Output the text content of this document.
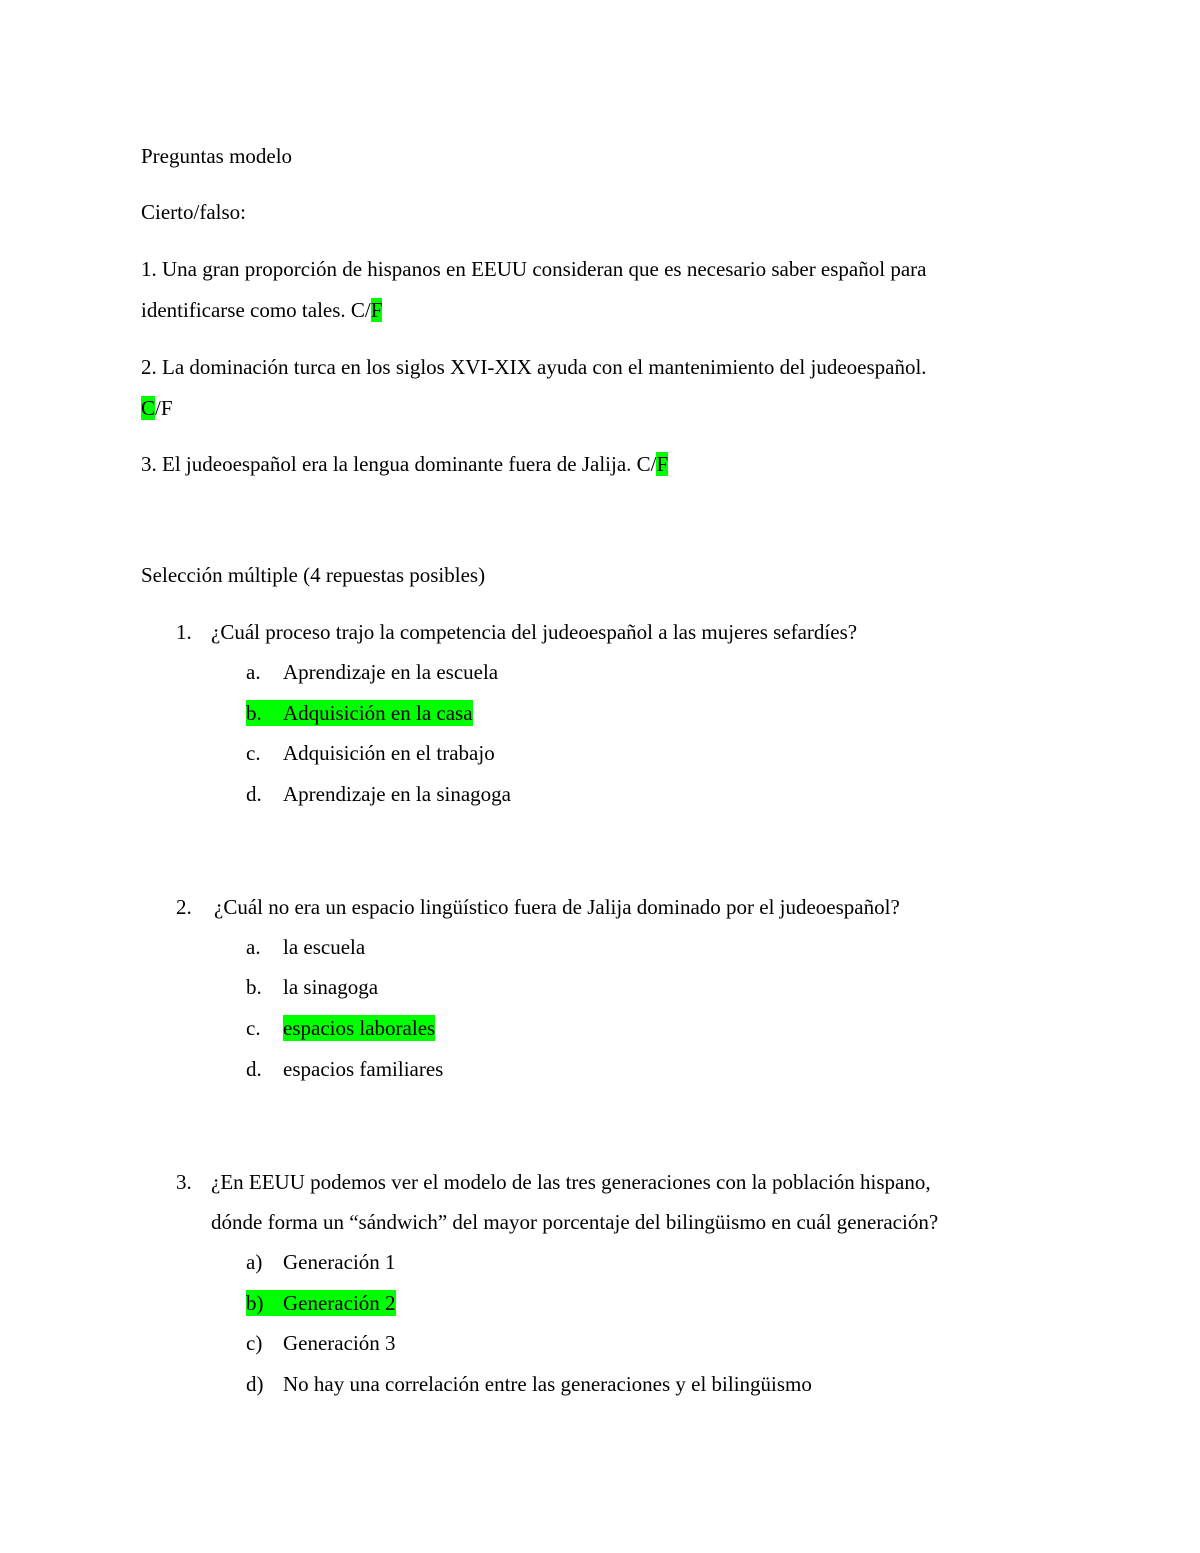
Preguntas modelo
Cierto/falso:
1. Una gran proporción de hispanos en EEUU consideran que es necesario saber español para
identificarse como tales. C/F
2. La dominación turca en los siglos XVI-XIX ayuda con el mantenimiento del judeoespañol.
C/F
3. El judeoespañol era la lengua dominante fuera de Jalija. C/F
Selección múltiple (4 repuestas posibles)
1. ¿Cuál proceso trajo la competencia del judeoespañol a las mujeres sefardíes?
a. Aprendizaje en la escuela
b.	Adquisición en la casa
c. Adquisición en el trabajo
d. Aprendizaje en la sinagoga
2. ¿Cuál no era un espacio lingüístico fuera de Jalija dominado por el judeoespañol?
a. la escuela
b. la sinagoga
c. espacios laborales
d. espacios familiares
3. ¿En EEUU podemos ver el modelo de las tres generaciones con la población hispano,
dónde forma un “sándwich” del mayor porcentaje del bilingüismo en cuál generación?
a) Generación 1
b) Generación 2
c) Generación 3
d) No hay una correlación entre las generaciones y el bilingüismo
